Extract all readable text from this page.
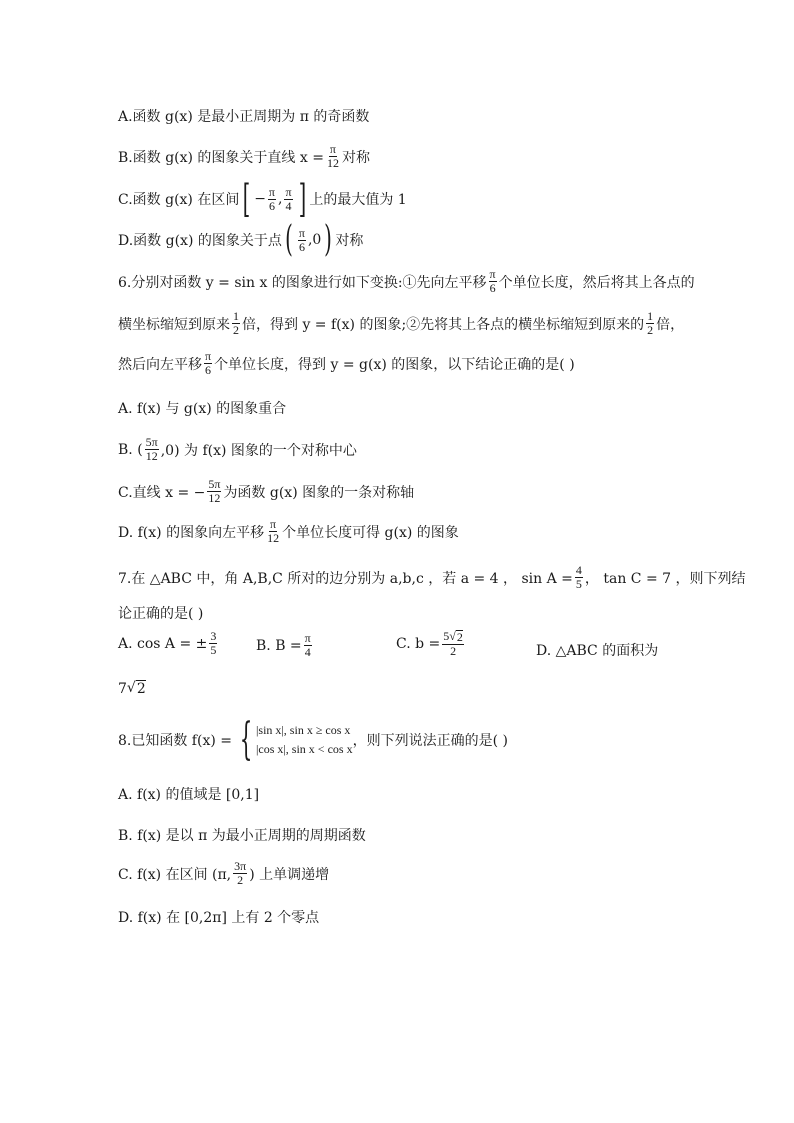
A.函数 g(x) 是最小正周期为 π 的奇函数
B.函数 g(x) 的图象关于直线 $x = \frac{\pi}{12}$ 对称
C.函数 g(x) 在区间 [ − $\frac{\pi}{6}$ , $\frac{\pi}{4}$ ] 上的最大值为 1
D.函数 g(x) 的图象关于点 ( $\frac{\pi}{6} ,0$ ) 对称
6.分别对函数 y = sin x 的图象进行如下变换:①先向左平移 $\frac{\pi}{6}$ 个单位长度，然后将其上各点的
横坐标缩短到原来 $\frac{1}{2}$ 倍，得到 y = f(x) 的图象;②先将其上各点的横坐标缩短到原来的 $\frac{1}{2}$ 倍，
然后向左平移 $\frac{\pi}{6}$ 个单位长度，得到 y = g(x) 的图象，以下结论正确的是( )
A. f(x) 与 g(x) 的图象重合
B. ( $\frac{5\pi}{12} ,0$) 为 f(x) 图象的一个对称中心
C.直线 x = − $\frac{5\pi}{12}$ 为函数 g(x) 图象的一条对称轴
D. f(x) 的图象向左平移 $\frac{\pi}{12}$ 个单位长度可得 g(x) 的图象
7.在 △ABC 中，角 A,B,C 所对的边分别为 a,b,c ，若 a = 4 ， $\sin A = \frac{4}{5}$ ， tan C = 7 ，则下列结
论正确的是( )
A. cos A = ± $\frac{3}{5}$	B. $B = \frac{\pi}{4}$	C. $b = \frac{5 √ 2}{2}$	D. △ABC 的面积为
7 √ 2
8.已知函数 f(x) = { |sin x|, sin x ≥ cos x
|cos x|, sin x < cos x ，则下列说法正确的是( )
A. f(x) 的值域是 [0,1]
B. f(x) 是以 π 为最小正周期的周期函数
C. f(x) 在区间 (π, $\frac{3\pi}{2}$ ) 上单调递增
D. f(x) 在 [0,2π] 上有 2 个零点
